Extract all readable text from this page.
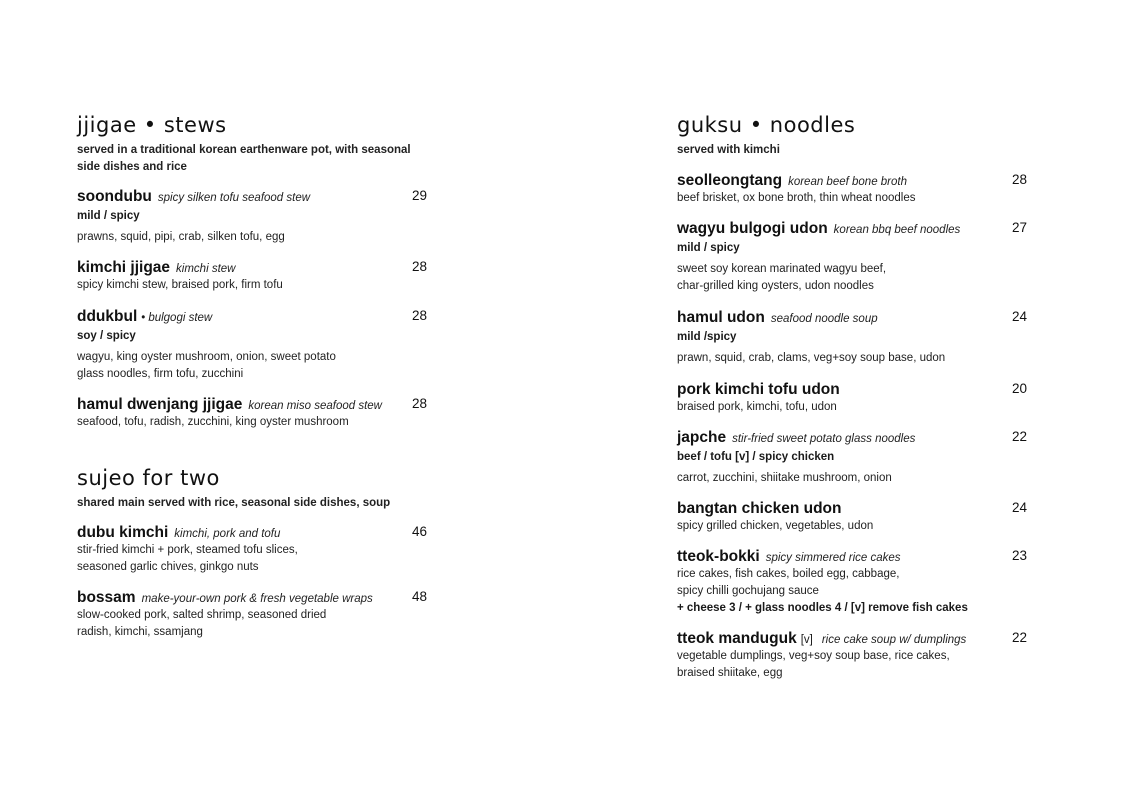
jjigae • stews

served in a traditional korean earthenware pot, with seasonal side dishes and rice

soondubu spicy silken tofu seafood stew	29
mild / spicy
prawns, squid, pipi, crab, silken tofu, egg
kimchi jjigae kimchi stew	28
spicy kimchi stew, braised pork, firm tofu
ddukbul • bulgogi stew	28
soy / spicy
wagyu, king oyster mushroom, onion, sweet potato
glass noodles, firm tofu, zucchini
hamul dwenjang jjigae korean miso seafood stew 28
seafood, tofu, radish, zucchini, king oyster mushroom
sujeo for two

shared main served with rice, seasonal side dishes, soup

dubu kimchi kimchi, pork and tofu	46
stir-fried kimchi + pork, steamed tofu slices,
seasoned garlic chives, ginkgo nuts
bossam make-your-own pork & fresh vegetable wraps	48
slow-cooked pork, salted shrimp, seasoned dried
radish, kimchi, ssamjang
guksu • noodles

served with kimchi

seolleongtang korean beef bone broth	28
beef brisket, ox bone broth, thin wheat noodles
wagyu bulgogi udon korean bbq beef noodles	27
mild / spicy
sweet soy korean marinated wagyu beef,
char-grilled king oysters, udon noodles
hamul udon seafood noodle soup	24
mild /spicy
prawn, squid, crab, clams, veg+soy soup base, udon
pork kimchi tofu udon	20
braised pork, kimchi, tofu, udon
japche stir-fried sweet potato glass noodles	22
beef / tofu [v] / spicy chicken
carrot, zucchini, shiitake mushroom, onion
bangtan chicken udon	24
spicy grilled chicken, vegetables, udon
tteok-bokki spicy simmered rice cakes	23
rice cakes, fish cakes, boiled egg, cabbage,
spicy chilli gochujang sauce
+ cheese 3 / + glass noodles 4 / [v] remove fish cakes
tteok manduguk [v] rice cake soup w/ dumplings	22
vegetable dumplings, veg+soy soup base, rice cakes,
braised shiitake, egg
